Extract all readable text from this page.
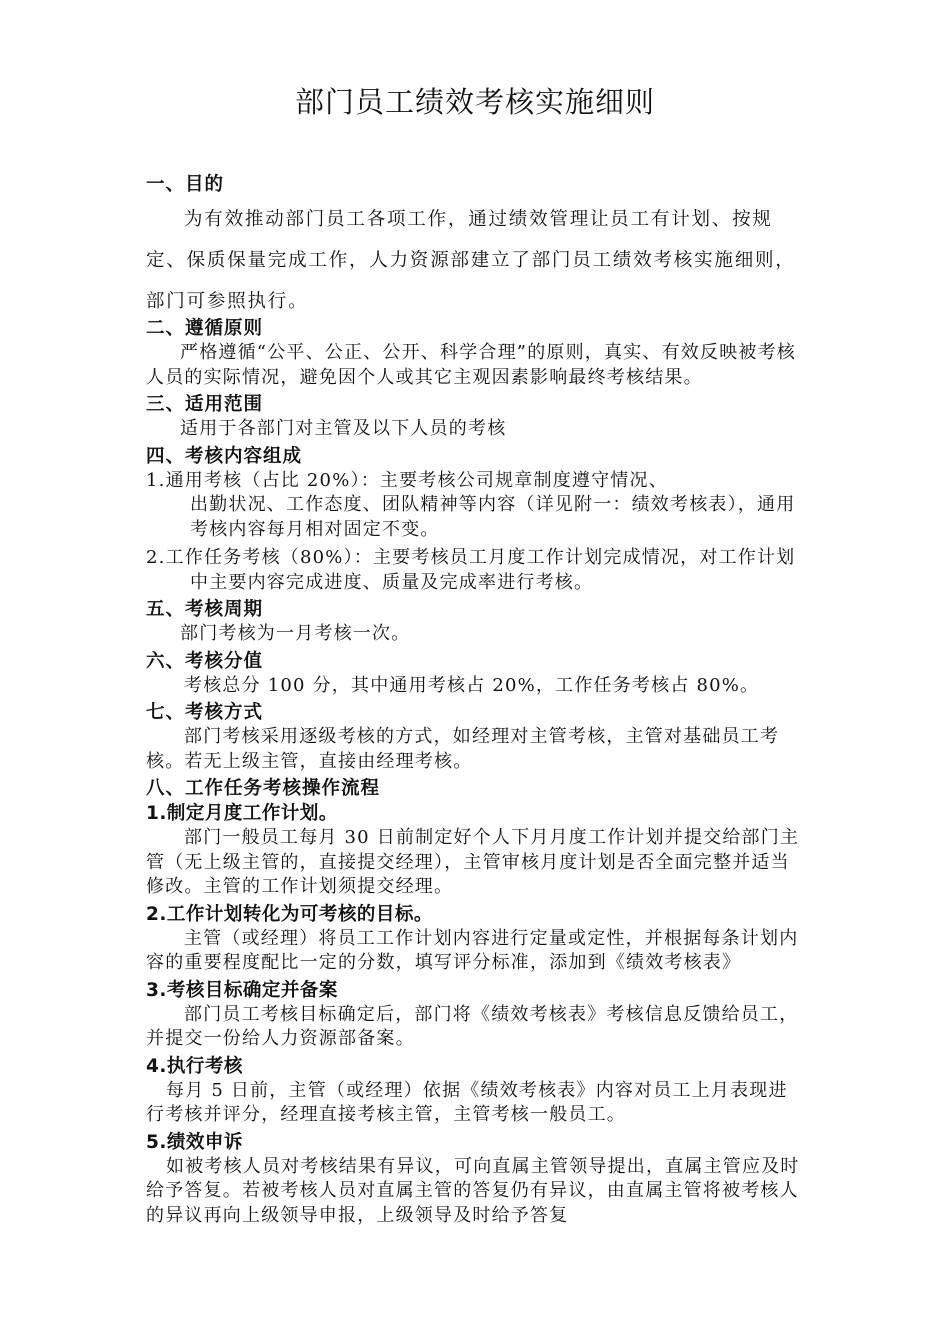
部门员工绩效考核实施细则
一、目的
为有效推动部门员工各项工作，通过绩效管理让员工有计划、按规定、保质保量完成工作，人力资源部建立了部门员工绩效考核实施细则，部门可参照执行。
二、遵循原则
严格遵循“公平、公正、公开、科学合理”的原则，真实、有效反映被考核人员的实际情况，避免因个人或其它主观因素影响最终考核结果。
三、适用范围
适用于各部门对主管及以下人员的考核
四、考核内容组成
1.通用考核（占比 20%）：主要考核公司规章制度遵守情况、
出勤状况、工作态度、团队精神等内容（详见附一：绩效考核表），通用考核内容每月相对固定不变。
2.工作任务考核（80%）：主要考核员工月度工作计划完成情况，对工作计划中主要内容完成进度、质量及完成率进行考核。
五、考核周期
部门考核为一月考核一次。
六、考核分值
考核总分 100 分，其中通用考核占 20%，工作任务考核占 80%。
七、考核方式
部门考核采用逐级考核的方式，如经理对主管考核，主管对基础员工考核。若无上级主管，直接由经理考核。
八、工作任务考核操作流程
1.制定月度工作计划。
部门一般员工每月 30 日前制定好个人下月月度工作计划并提交给部门主管（无上级主管的，直接提交经理），主管审核月度计划是否全面完整并适当修改。主管的工作计划须提交经理。
2.工作计划转化为可考核的目标。
主管（或经理）将员工工作计划内容进行定量或定性，并根据每条计划内容的重要程度配比一定的分数，填写评分标准，添加到《绩效考核表》
3.考核目标确定并备案
部门员工考核目标确定后，部门将《绩效考核表》考核信息反馈给员工，并提交一份给人力资源部备案。
4.执行考核
每月 5 日前，主管（或经理）依据《绩效考核表》内容对员工上月表现进行考核并评分，经理直接考核主管，主管考核一般员工。
5.绩效申诉
如被考核人员对考核结果有异议，可向直属主管领导提出，直属主管应及时给予答复。若被考核人员对直属主管的答复仍有异议，由直属主管将被考核人的异议再向上级领导申报，上级领导及时给予答复
